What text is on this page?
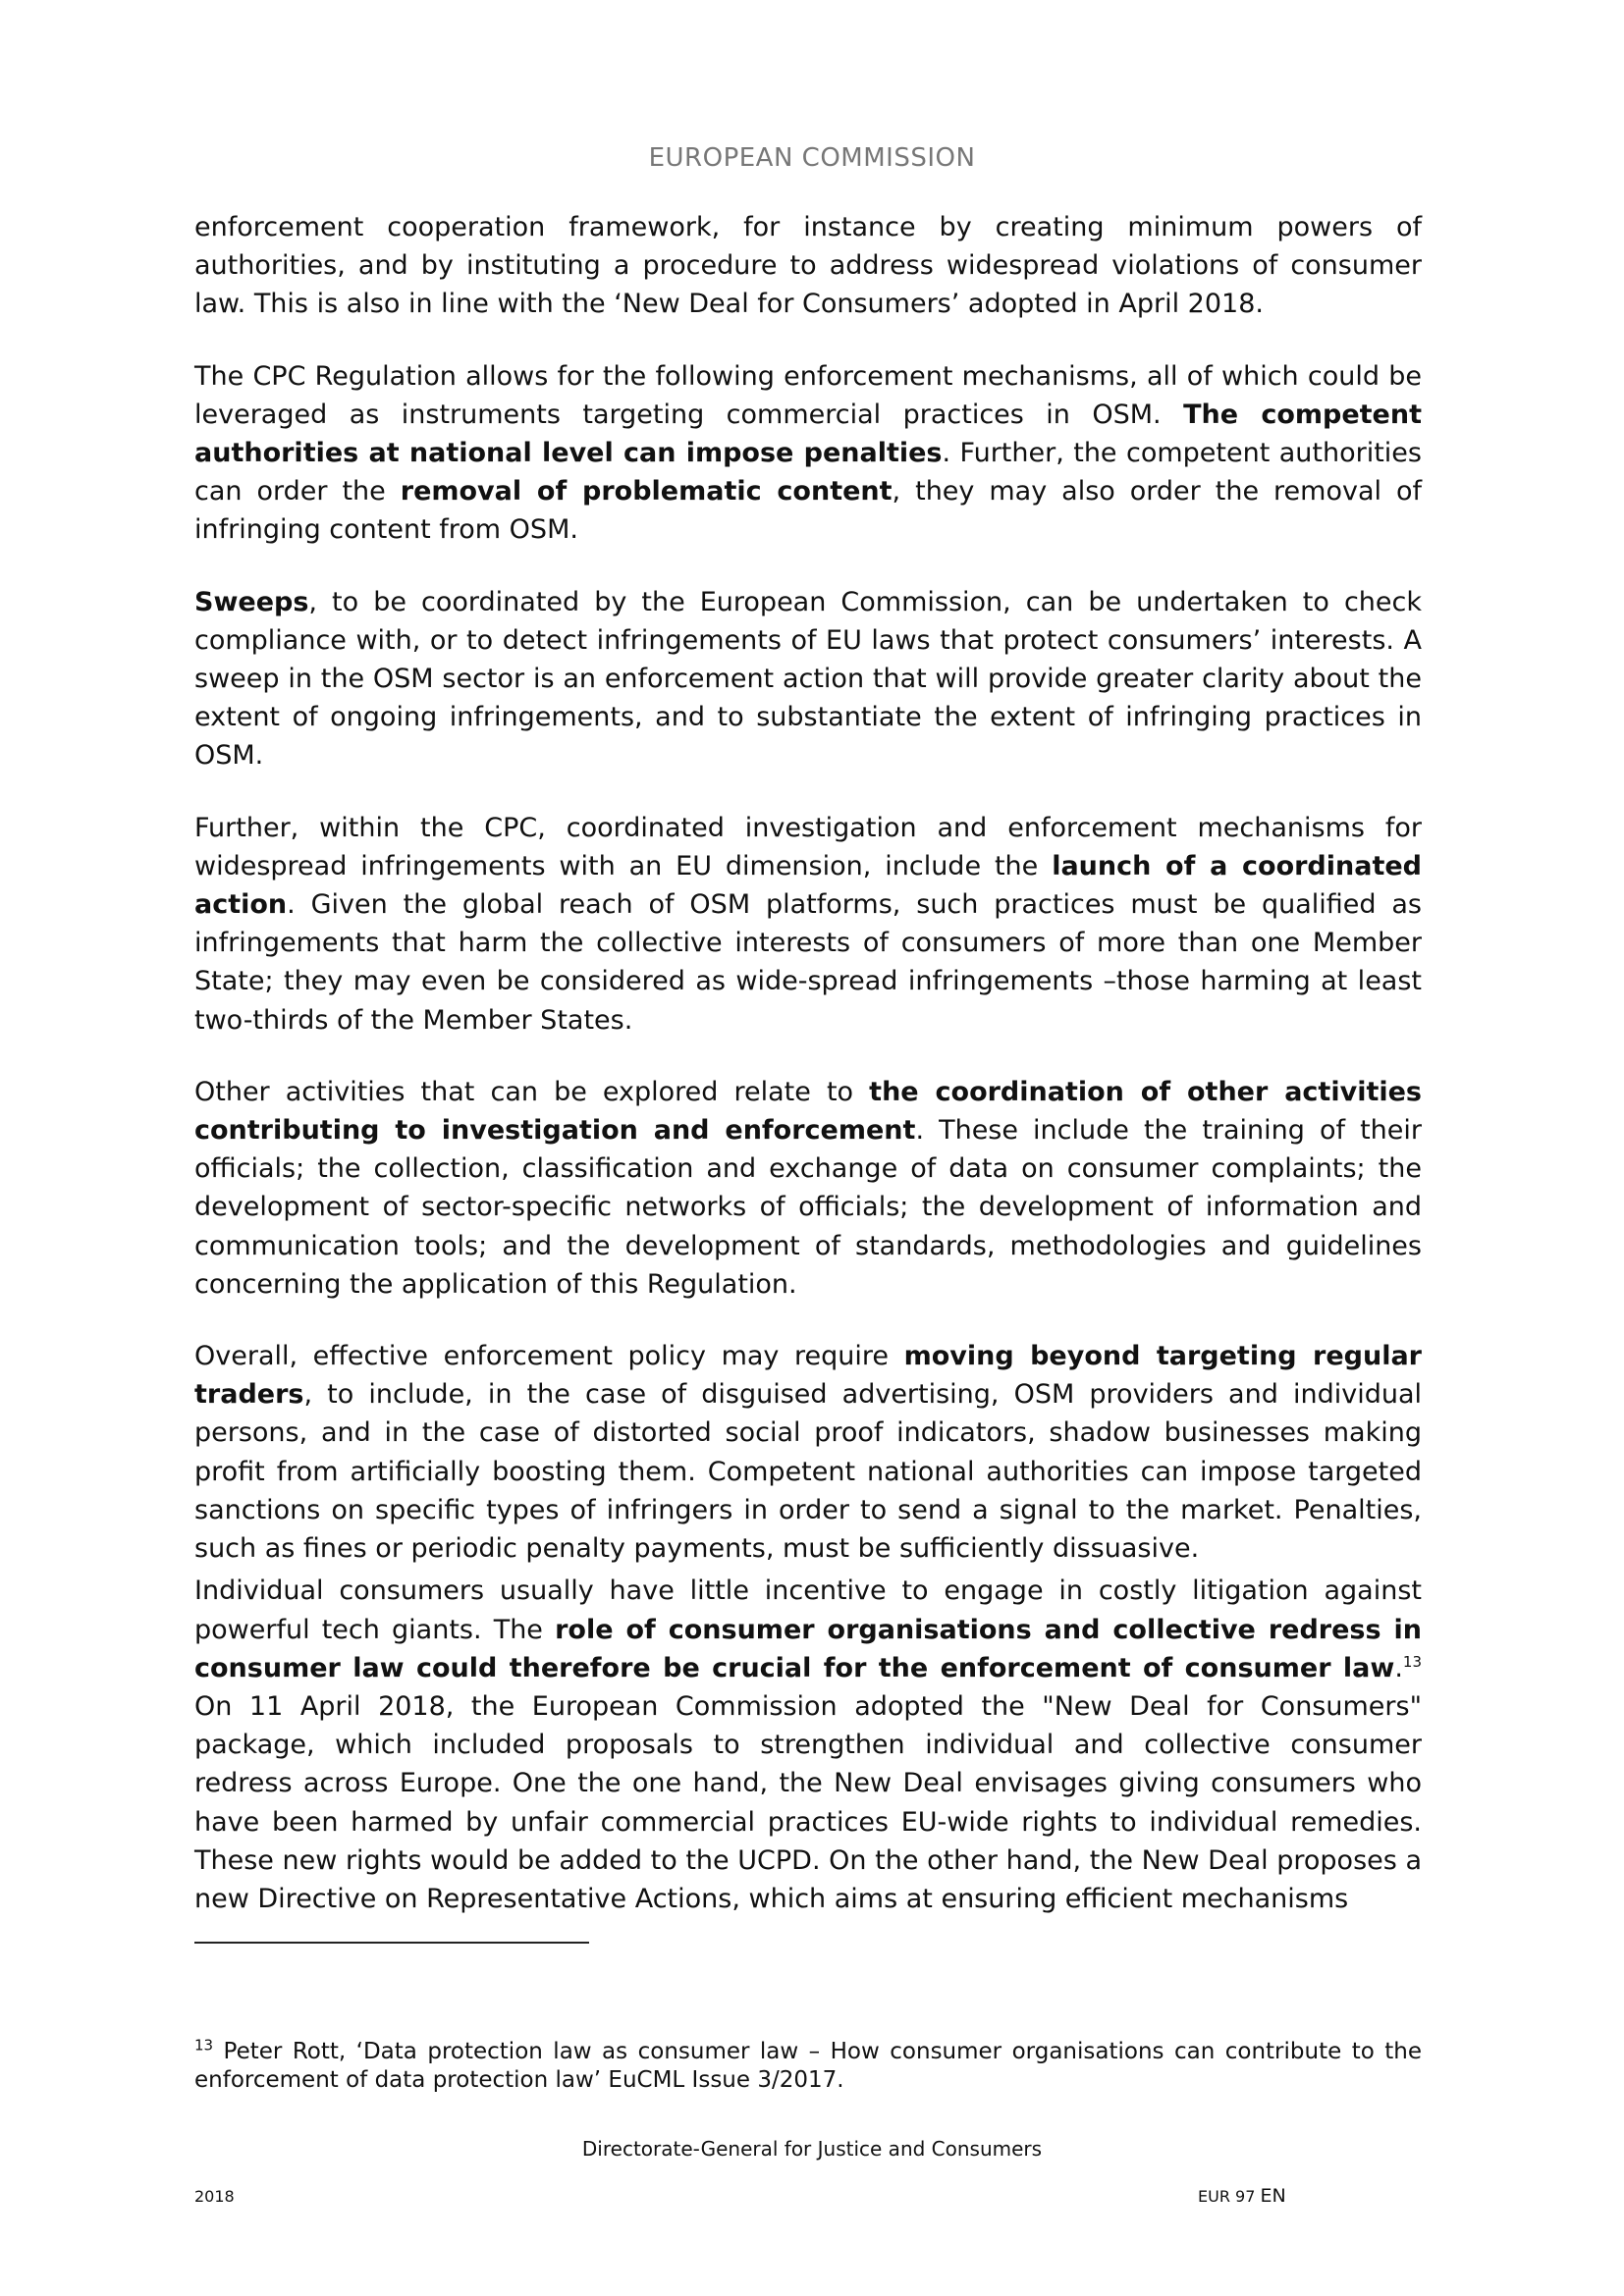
EUROPEAN COMMISSION

enforcement cooperation framework, for instance by creating minimum powers of authorities, and by instituting a procedure to address widespread violations of consumer law. This is also in line with the ‘New Deal for Consumers’ adopted in April 2018.

The CPC Regulation allows for the following enforcement mechanisms, all of which could be leveraged as instruments targeting commercial practices in OSM. The competent authorities at national level can impose penalties. Further, the competent authorities can order the removal of problematic content, they may also order the removal of infringing content from OSM.

Sweeps, to be coordinated by the European Commission, can be undertaken to check compliance with, or to detect infringements of EU laws that protect consumers’ interests. A sweep in the OSM sector is an enforcement action that will provide greater clarity about the extent of ongoing infringements, and to substantiate the extent of infringing practices in OSM.

Further, within the CPC, coordinated investigation and enforcement mechanisms for widespread infringements with an EU dimension, include the launch of a coordinated action. Given the global reach of OSM platforms, such practices must be qualified as infringements that harm the collective interests of consumers of more than one Member State; they may even be considered as wide-spread infringements –those harming at least two-thirds of the Member States.

Other activities that can be explored relate to the coordination of other activities contributing to investigation and enforcement. These include the training of their officials; the collection, classification and exchange of data on consumer complaints; the development of sector-specific networks of officials; the development of information and communication tools; and the development of standards, methodologies and guidelines concerning the application of this Regulation.

Overall, effective enforcement policy may require moving beyond targeting regular traders, to include, in the case of disguised advertising, OSM providers and individual persons, and in the case of distorted social proof indicators, shadow businesses making profit from artificially boosting them. Competent national authorities can impose targeted sanctions on specific types of infringers in order to send a signal to the market. Penalties, such as fines or periodic penalty payments, must be sufficiently dissuasive.

Individual consumers usually have little incentive to engage in costly litigation against powerful tech giants. The role of consumer organisations and collective redress in consumer law could therefore be crucial for the enforcement of consumer law.$^{13}$ On 11 April 2018, the European Commission adopted the "New Deal for Consumers" package, which included proposals to strengthen individual and collective consumer redress across Europe. One the one hand, the New Deal envisages giving consumers who have been harmed by unfair commercial practices EU-wide rights to individual remedies. These new rights would be added to the UCPD. On the other hand, the New Deal proposes a new Directive on Representative Actions, which aims at ensuring efficient mechanisms

$^{13}$ Peter Rott, ‘Data protection law as consumer law – How consumer organisations can contribute to the enforcement of data protection law’ EuCML Issue 3/2017.
Directorate-General for Justice and Consumers
2018	EUR 97 EN
